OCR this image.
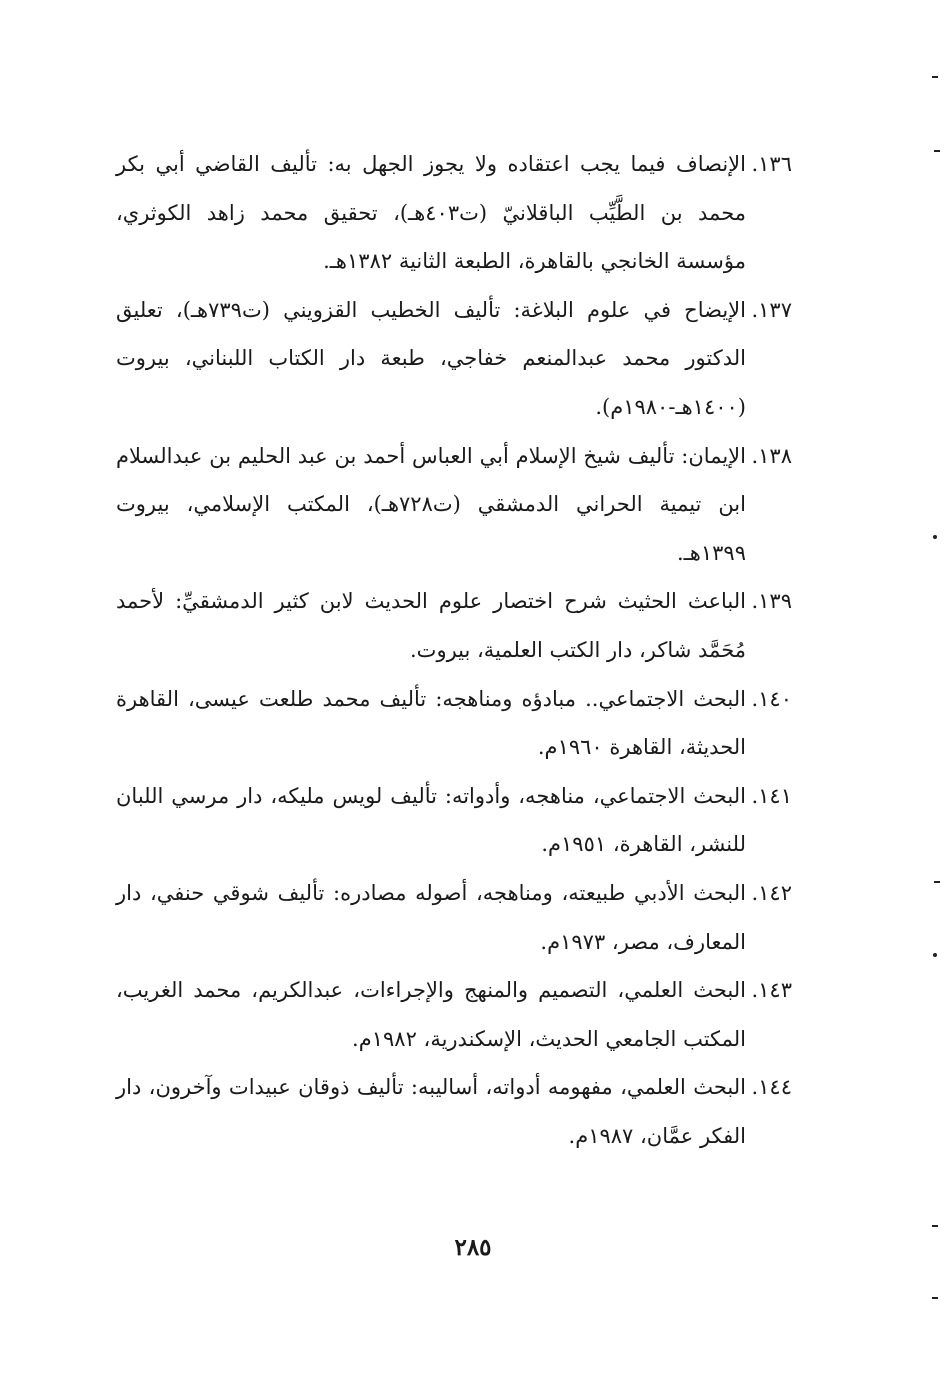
١٣٦.
الإنصاف فيما يجب اعتقاده ولا يجوز الجهل به: تأليف القاضي أبي بكر محمد بن الطَّيِّب الباقلانيّ (ت٤٠٣هـ)، تحقيق محمد زاهد الكوثري، مؤسسة الخانجي بالقاهرة، الطبعة الثانية ١٣٨٢هـ.
١٣٧.
الإيضاح في علوم البلاغة: تأليف الخطيب القزويني (ت٧٣٩هـ)، تعليق الدكتور محمد عبدالمنعم خفاجي، طبعة دار الكتاب اللبناني، بيروت (١٤٠٠هـ-١٩٨٠م).
١٣٨.
الإيمان: تأليف شيخ الإسلام أبي العباس أحمد بن عبد الحليم بن عبدالسلام ابن تيمية الحراني الدمشقي (ت٧٢٨هـ)، المكتب الإسلامي، بيروت ١٣٩٩هـ.
١٣٩.
الباعث الحثيث شرح اختصار علوم الحديث لابن كثير الدمشقيِّ: لأحمد مُحَمَّد شاكر، دار الكتب العلمية، بيروت.
١٤٠.
البحث الاجتماعي.. مبادؤه ومناهجه: تأليف محمد طلعت عيسى، القاهرة الحديثة، القاهرة ١٩٦٠م.
١٤١.
البحث الاجتماعي، مناهجه، وأدواته: تأليف لويس مليكه، دار مرسي اللبان للنشر، القاهرة، ١٩٥١م.
١٤٢.
البحث الأدبي طبيعته، ومناهجه، أصوله مصادره: تأليف شوقي حنفي، دار المعارف، مصر، ١٩٧٣م.
١٤٣.
البحث العلمي، التصميم والمنهج والإجراءات، عبدالكريم، محمد الغريب، المكتب الجامعي الحديث، الإسكندرية، ١٩٨٢م.
١٤٤.
البحث العلمي، مفهومه أدواته، أساليبه: تأليف ذوقان عبيدات وآخرون، دار الفكر عمَّان، ١٩٨٧م.
٢٨٥
